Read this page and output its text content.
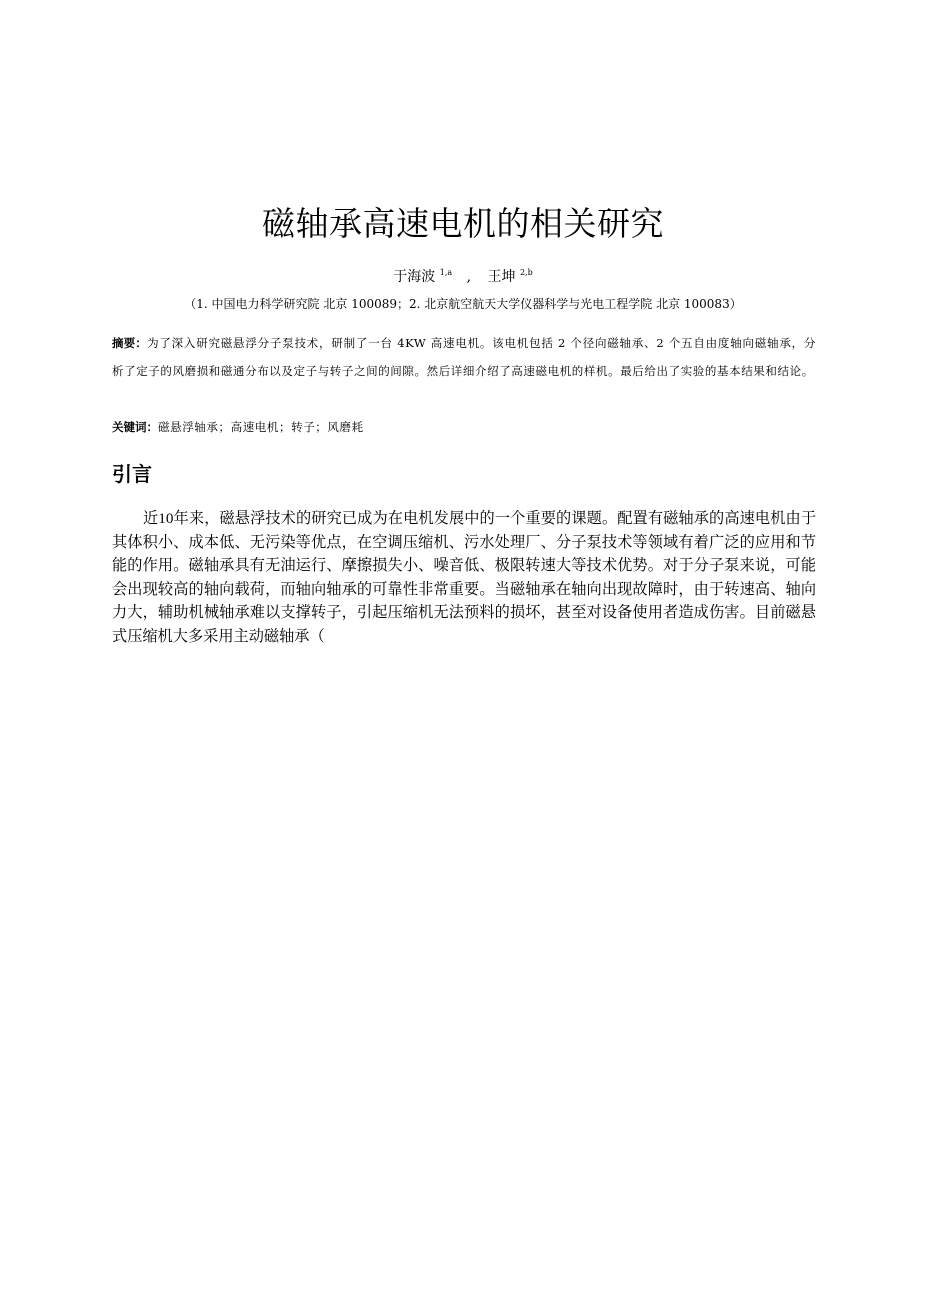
磁轴承高速电机的相关研究
于海波 $^{1,a}$ , 王坤 $^{2,b}$
（1. 中国电力科学研究院 北京 100089；2. 北京航空航天大学仪器科学与光电工程学院 北京 100083）
摘要：为了深入研究磁悬浮分子泵技术，研制了一台 4KW 高速电机。该电机包括 2 个径向磁轴承、2 个五自由度轴向磁轴承，分析了定子的风磨损和磁通分布以及定子与转子之间的间隙。然后详细介绍了高速磁电机的样机。最后给出了实验的基本结果和结论。
关键词：磁悬浮轴承；高速电机；转子；风磨耗
引言

近10年来，磁悬浮技术的研究已成为在电机发展中的一个重要的课题。配置有磁轴承的高速电机由于其体积小、成本低、无污染等优点，在空调压缩机、污水处理厂、分子泵技术等领域有着广泛的应用和节能的作用。磁轴承具有无油运行、摩擦损失小、噪音低、极限转速大等技术优势。对于分子泵来说，可能会出现较高的轴向载荷，而轴向轴承的可靠性非常重要。当磁轴承在轴向出现故障时，由于转速高、轴向力大，辅助机械轴承难以支撑转子，引起压缩机无法预料的损坏，甚至对设备使用者造成伤害。目前磁悬式压缩机大多采用主动磁轴承（
